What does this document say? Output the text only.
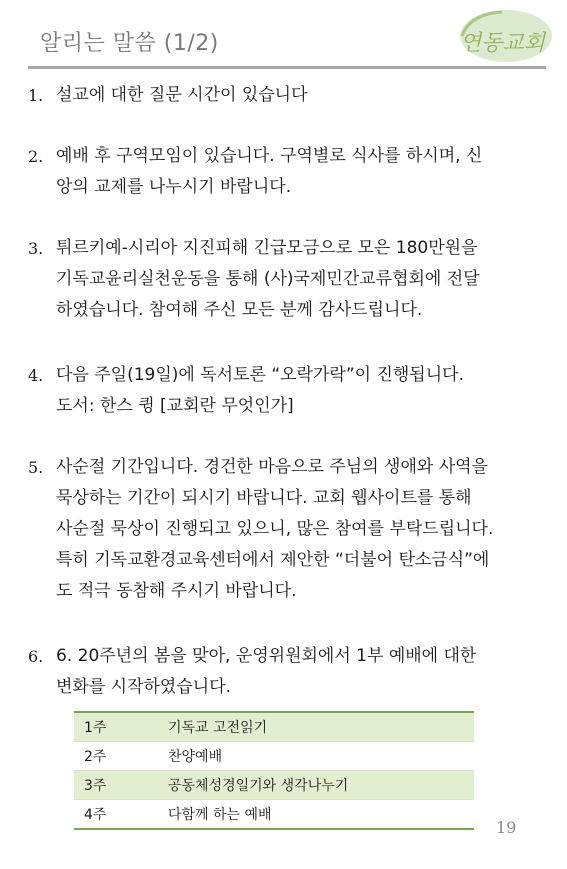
알리는 말씀 (1/2)	연동교회
1. 설교에 대한 질문 시간이 있습니다
2. 예배 후 구역모임이 있습니다. 구역별로 식사를 하시며, 신
앙의 교제를 나누시기 바랍니다.
3. 튀르키예-시리아 지진피해 긴급모금으로 모은 180만원을
기독교윤리실천운동을 통해 (사)국제민간교류협회에 전달
하였습니다. 참여해 주신 모든 분께 감사드립니다.
4. 다음 주일(19일)에 독서토론 “오락가락”이 진행됩니다.
도서: 한스 큉 [교회란 무엇인가]
5. 사순절 기간입니다. 경건한 마음으로 주님의 생애와 사역을
묵상하는 기간이 되시기 바랍니다. 교회 웹사이트를 통해
사순절 묵상이 진행되고 있으니, 많은 참여를 부탁드립니다.
특히 기독교환경교육센터에서 제안한 “더불어 탄소금식”에
도 적극 동참해 주시기 바랍니다.
6. 6. 20주년의 봄을 맞아, 운영위원회에서 1부 예배에 대한
변화를 시작하였습니다.
1주	기독교 고전읽기
2주	찬양예배
3주	공동체성경일기와 생각나누기
4주	다함께 하는 예배
19
